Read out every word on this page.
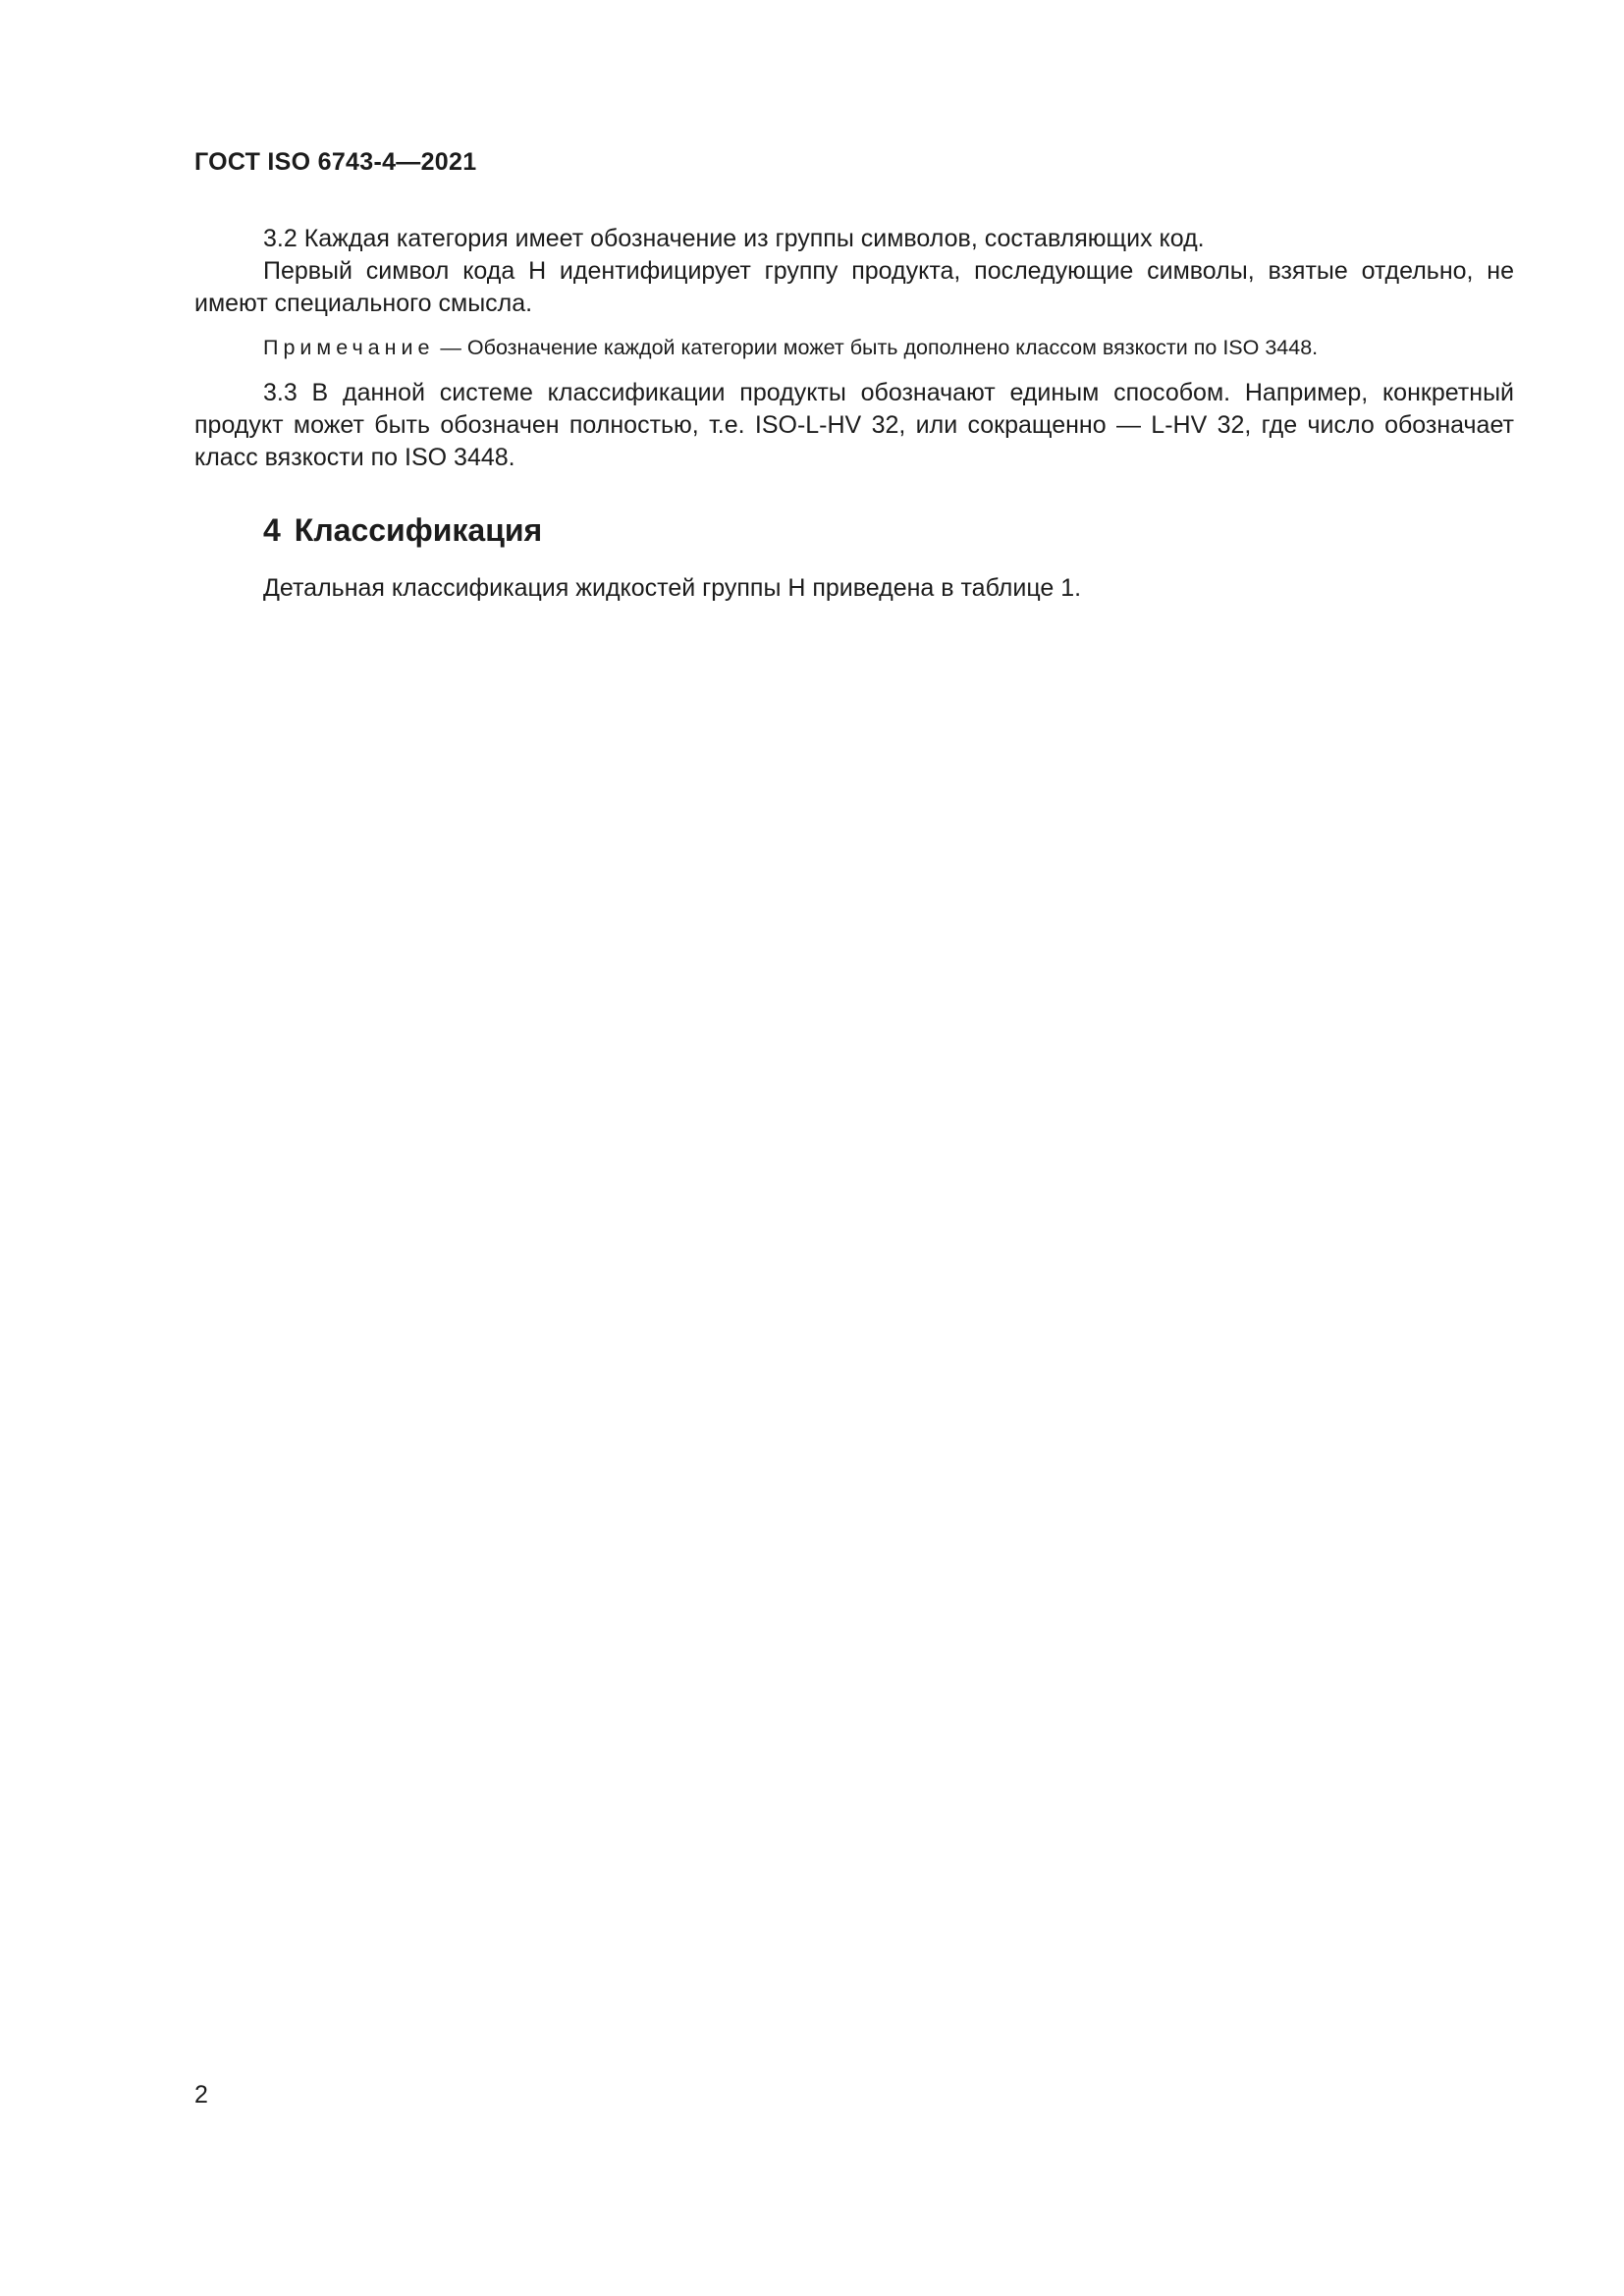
ГОСТ ISO 6743-4—2021

3.2 Каждая категория имеет обозначение из группы символов, составляющих код.

Первый символ кода H идентифицирует группу продукта, последующие символы, взятые отдельно, не имеют специального смысла.

Примечание — Обозначение каждой категории может быть дополнено классом вязкости по ISO 3448.

3.3 В данной системе классификации продукты обозначают единым способом. Например, конкретный продукт может быть обозначен полностью, т.е. ISO-L-HV 32, или сокращенно — L-HV 32, где число обозначает класс вязкости по ISO 3448.

4 Классификация

Детальная классификация жидкостей группы H приведена в таблице 1.

2
